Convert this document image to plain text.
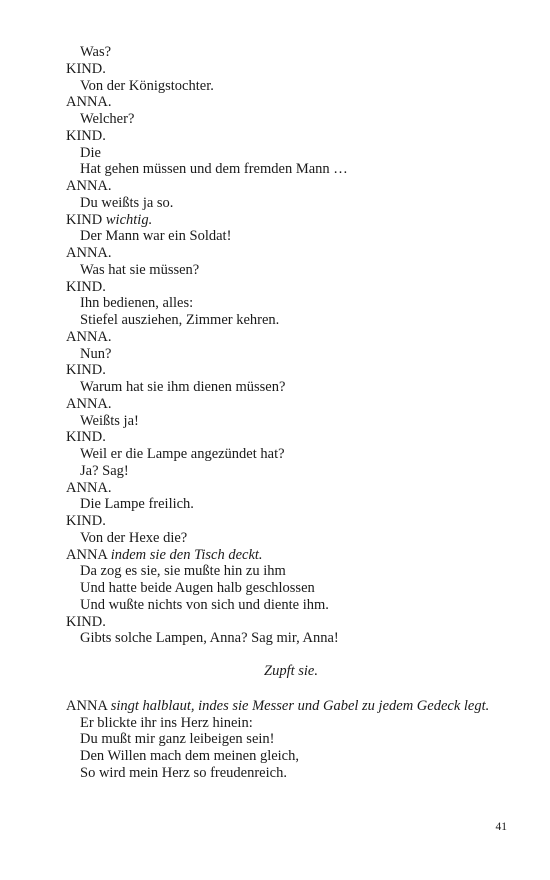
Was?
KIND.
Von der Königstochter.
ANNA.
Welcher?
KIND.
Die
Hat gehen müssen und dem fremden Mann …
ANNA.
Du weißts ja so.
KIND wichtig.
Der Mann war ein Soldat!
ANNA.
Was hat sie müssen?
KIND.
Ihn bedienen, alles:
Stiefel ausziehen, Zimmer kehren.
ANNA.
Nun?
KIND.
Warum hat sie ihm dienen müssen?
ANNA.
Weißts ja!
KIND.
Weil er die Lampe angezündet hat?
Ja? Sag!
ANNA.
Die Lampe freilich.
KIND.
Von der Hexe die?
ANNA indem sie den Tisch deckt.
Da zog es sie, sie mußte hin zu ihm
Und hatte beide Augen halb geschlossen
Und wußte nichts von sich und diente ihm.
KIND.
Gibts solche Lampen, Anna? Sag mir, Anna!
Zupft sie.
ANNA singt halblaut, indes sie Messer und Gabel zu jedem Gedeck legt.
Er blickte ihr ins Herz hinein:
Du mußt mir ganz leibeigen sein!
Den Willen mach dem meinen gleich,
So wird mein Herz so freudenreich.
41
